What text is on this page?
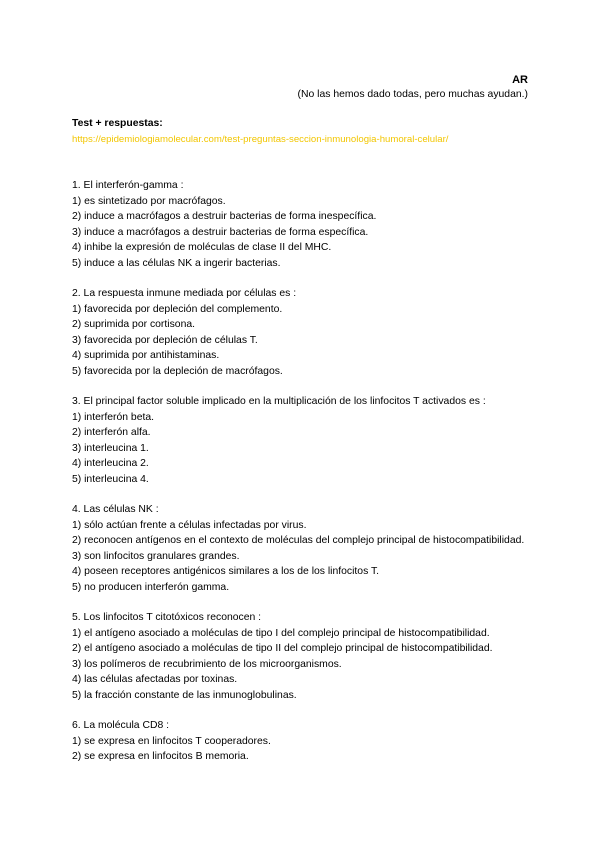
AR
(No las hemos dado todas, pero muchas ayudan.)
Test + respuestas:
https://epidemiologiamolecular.com/test-preguntas-seccion-inmunologia-humoral-celular/
1. El interferón-gamma :
1) es sintetizado por macrófagos.
2) induce a macrófagos a destruir bacterias de forma inespecífica.
3) induce a macrófagos a destruir bacterias de forma específica.
4) inhibe la expresión de moléculas de clase II del MHC.
5) induce a las células NK a ingerir bacterias.
2. La respuesta inmune mediada por células es :
1) favorecida por depleción del complemento.
2) suprimida por cortisona.
3) favorecida por depleción de células T.
4) suprimida por antihistaminas.
5) favorecida por la depleción de macrófagos.
3. El principal factor soluble implicado en la multiplicación de los linfocitos T activados es :
1) interferón beta.
2) interferón alfa.
3) interleucina 1.
4) interleucina 2.
5) interleucina 4.
4. Las células NK :
1) sólo actúan frente a células infectadas por virus.
2) reconocen antígenos en el contexto de moléculas del complejo principal de histocompatibilidad.
3) son linfocitos granulares grandes.
4) poseen receptores antigénicos similares a los de los linfocitos T.
5) no producen interferón gamma.
5. Los linfocitos T citotóxicos reconocen :
1) el antígeno asociado a moléculas de tipo I del complejo principal de histocompatibilidad.
2) el antígeno asociado a moléculas de tipo II del complejo principal de histocompatibilidad.
3) los polímeros de recubrimiento de los microorganismos.
4) las células afectadas por toxinas.
5) la fracción constante de las inmunoglobulinas.
6. La molécula CD8 :
1) se expresa en linfocitos T cooperadores.
2) se expresa en linfocitos B memoria.
